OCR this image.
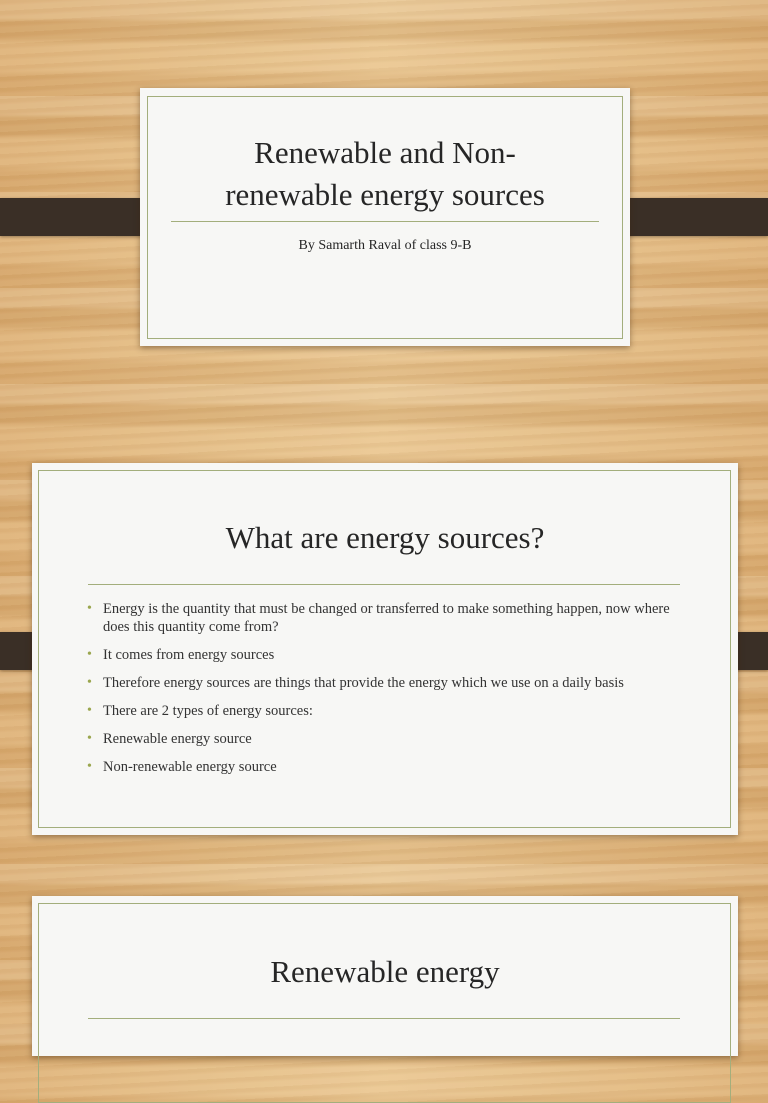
Renewable and Non-renewable energy sources
By Samarth Raval of class 9-B
What are energy sources?
• Energy is the quantity that must be changed or transferred to make something happen, now where does this quantity come from?
• It comes from energy sources
• Therefore energy sources are things that provide the energy which we use on a daily basis
• There are 2 types of energy sources:
• Renewable energy source
• Non-renewable energy source
Renewable energy
